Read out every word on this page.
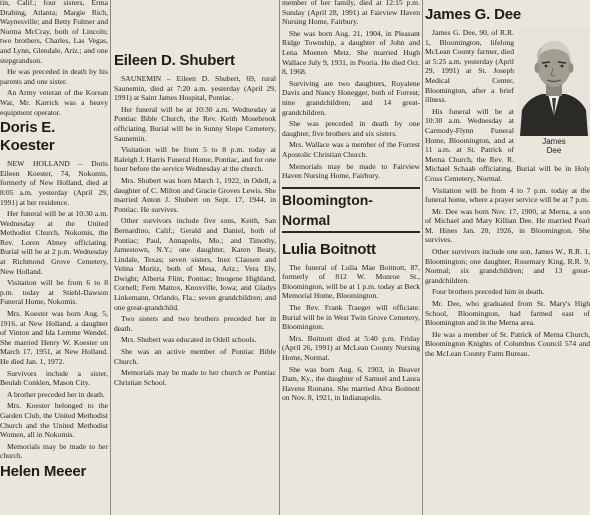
tin, Calif.; four sisters, Erma Drabing, Atlanta; Margie Rich, Waynesville; and Betty Fulmer and Norma McCray, both of Lincoln; two brothers, Charles, Las Vegas, and Lynn, Glendale, Ariz.; and one stepgrandson.

He was preceded in death by his parents and one sister.

An Army veteran of the Korean War, Mr. Karrick was a heavy equipment operator.

Doris E. Koester

NEW HOLLAND – Doris Eileen Koester, 74, Nokomis, formerly of New Holland, died at 8:05 a.m. yesterday (April 29, 1991) at her residence.

Her funeral will be at 10:30 a.m. Wednesday at the United Methodist Church, Nokomis, the Rev. Loren Abney officiating. Burial will be at 2 p.m. Wednesday at Richmond Grove Cemetery, New Holland.

Visitation will be from 6 to 8 p.m. today at Stiehl-Dawson Funeral Home, Nokomis.

Mrs. Koester was born Aug. 5, 1916, at New Holland, a daughter of Vinton and Ida Lemme Wendel. She married Henry W. Koester on March 17, 1951, at New Holland. He died Jan. 1, 1972.

Survivors include a sister, Beulah Conklen, Mason City.

A brother preceded her in death.

Mrs. Koester belonged to the Garden Club, the United Methodist Church and the United Methodist Women, all in Nokomis.

Memorials may be made to her church.

Helen Meeer
Eileen D. Shubert

SAUNEMIN – Eileen D. Shubert, 69, rural Saunemin, died at 7:20 a.m. yesterday (April 29, 1991) at Saint James Hospital, Pontiac.

Her funeral will be at 10:30 a.m. Wednesday at Pontiac Bible Church, the Rev. Keith Mosebrook officiating. Burial will be in Sunny Slope Cemetery, Saunemin.

Visitation will be from 5 to 8 p.m. today at Raleigh J. Harris Funeral Home, Pontiac, and for one hour before the service Wednesday at the church.

Mrs. Shubert was born March 1, 1922, in Odell, a daughter of C. Milton and Gracie Groves Lewis. She married Anton J. Shubert on Sept. 17, 1944, in Pontiac. He survives.

Other survivors include five sons, Keith, San Bernardino, Calif.; Gerald and Daniel, both of Pontiac; Paul, Annapolis, Mo.; and Timothy, Jamestown, N.Y.; one daughter, Karen Beaty, Lindale, Texas; seven sisters, Inez Clausen and Velma Moritz, both of Mesa, Ariz.; Vera Ely, Dwight; Alberta Flint, Pontiac; Imogene Highland, Cornell; Fern Mattox, Knoxville, Iowa; and Gladys Linkemann, Orlando, Fla.; seven grandchildren; and one great-grandchild.

Two sisters and two brothers preceded her in death.

Mrs. Shubert was educated in Odell schools.

She was an active member of Pontiac Bible Church.

Memorials may be made to her church or Pontiac Christian School.

member of her family, died at 12:15 p.m. Sunday (April 28, 1991) at Fairview Haven Nursing Home, Fairbury.

She was born Aug. 21, 1904, in Pleasant Ridge Township, a daughter of John and Lena Moenen Metz. She married Hugh Wallace July 9, 1931, in Peoria. He died Oct. 8, 1968.

Surviving are two daughters, Royalene Davis and Nancy Honegger, both of Forrest; nine grandchildren; and 14 great-grandchildren.

She was preceded in death by one daughter, five brothers and six sisters.

Mrs. Wallace was a member of the Forrest Apostolic Christian Church.

Memorials may be made to Fairview Haven Nursing Home, Fairbury.

Bloomington-Normal
Lulia Boitnott

The funeral of Lulia Mae Boitnott, 87, formerly of 812 W. Monroe St., Bloomington, will be at 1 p.m. today at Beck Memorial Home, Bloomington.

The Rev. Frank Traeger will officiate. Burial will be in West Twin Grove Cemetery, Bloomington.

Mrs. Boitnott died at 5:40 p.m. Friday (April 26, 1991) at McLean County Nursing Home, Normal.

She was born Aug. 6, 1903, in Beaver Dam, Ky., the daughter of Samuel and Laura Havens Romans. She married Alva Boitnott on Nov. 8, 1921, in Indianapolis.

James G. Dee
James
Dee

James G. Dee, 90, of R.R. 1, Bloomington, lifelong McLean County farmer, died at 5:25 a.m. yesterday (April 29, 1991) at St. Joseph Medical Center, Bloomington, after a brief illness.

His funeral will be at 10:30 a.m. Wednesday at Carmody-Flynn Funeral Home, Bloomington, and at 11 a.m. at St. Patrick of Merna Church, the Rev. R. Michael Schaab officiating. Burial will be in Holy Cross Cemetery, Normal.

Visitation will be from 4 to 7 p.m. today at the funeral home, where a prayer service will be at 7 p.m.

Mr. Dee was born Nov. 17, 1900, at Merna, a son of Michael and Mary Killian Dee. He married Pearl M. Hines Jan. 20, 1926, in Bloomington. She survives.

Other survivors include one son, James W., R.R. 1, Bloomington; one daughter, Rosemary King, R.R. 9, Normal; six grandchildren; and 13 great-grandchildren.

Four brothers preceded him in death.

Mr. Dee, who graduated from St. Mary's High School, Bloomington, had farmed east of Bloomington and in the Merna area.

He was a member of St. Patrick of Merna Church, Bloomington Knights of Columbus Council 574 and the McLean County Farm Bureau.
